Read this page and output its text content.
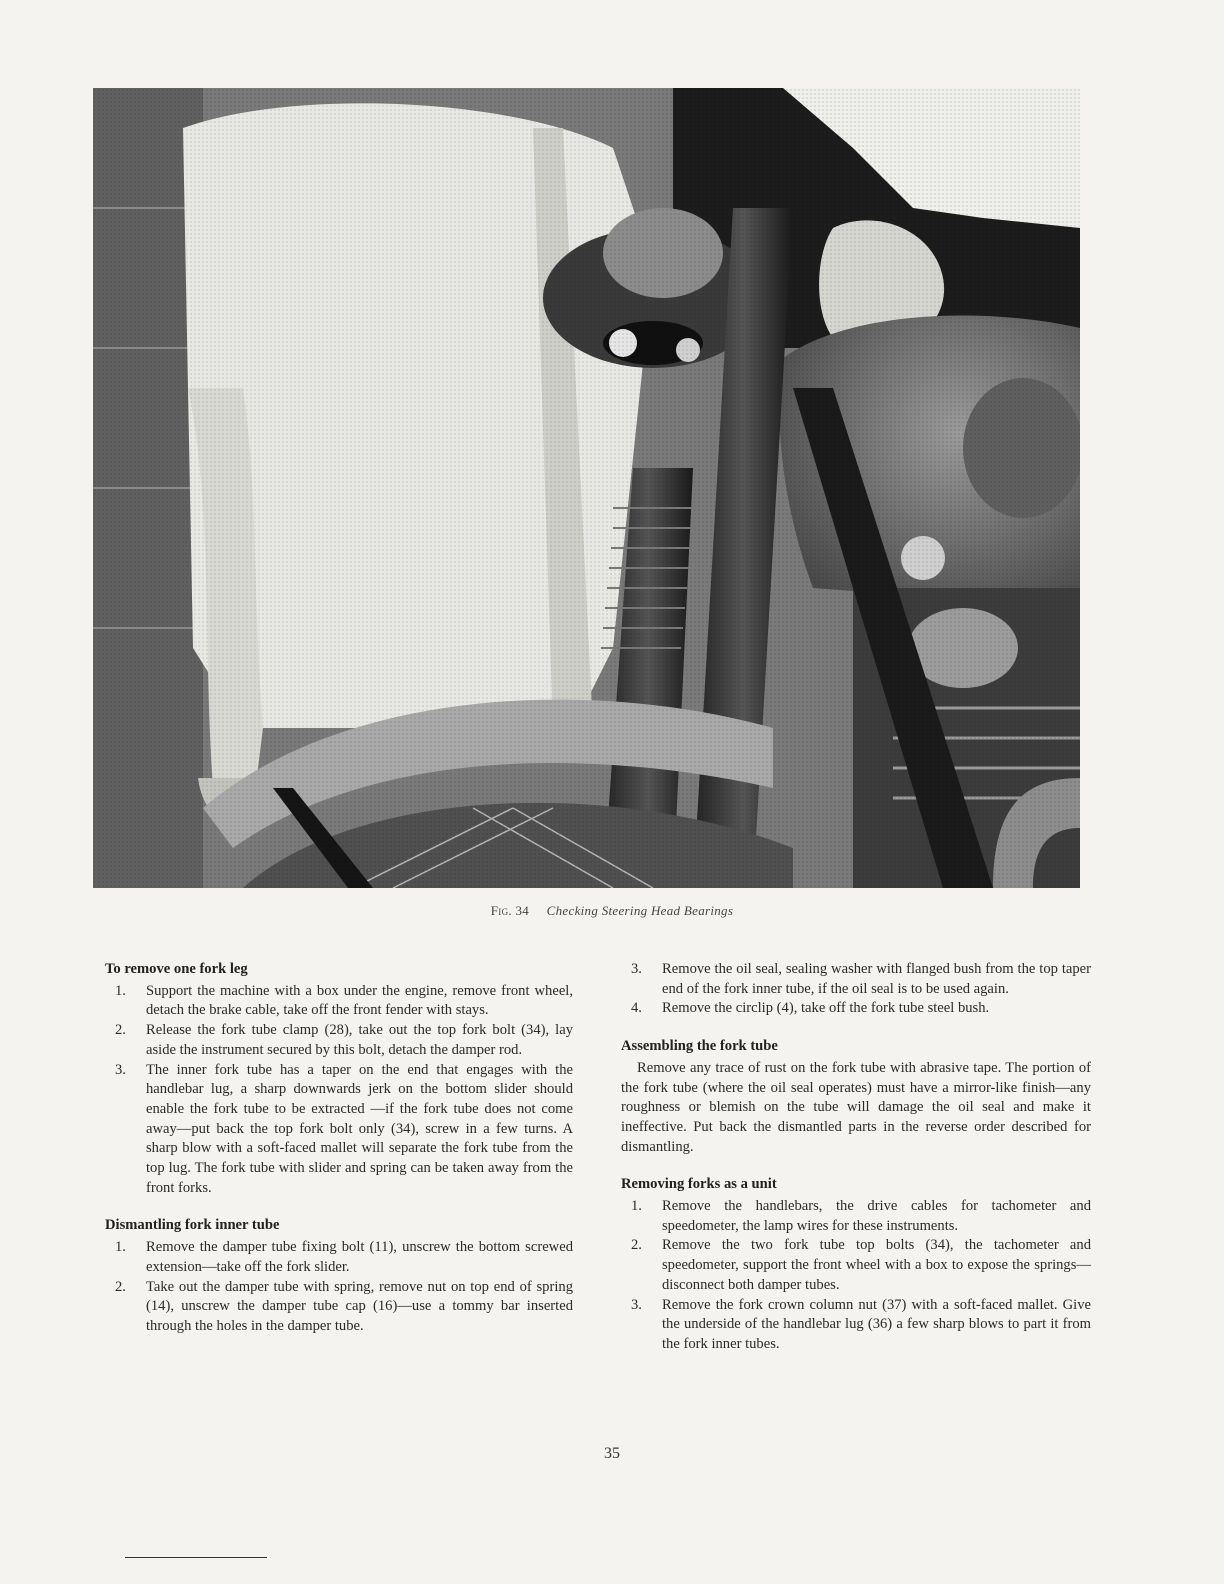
Fig. 34 Checking Steering Head Bearings
To remove one fork leg
1. Support the machine with a box under the engine, remove front wheel, detach the brake cable, take off the front fender with stays.
2. Release the fork tube clamp (28), take out the top fork bolt (34), lay aside the instrument secured by this bolt, detach the damper rod.
3. The inner fork tube has a taper on the end that engages with the handlebar lug, a sharp downwards jerk on the bottom slider should enable the fork tube to be extracted —if the fork tube does not come away—put back the top fork bolt only (34), screw in a few turns. A sharp blow with a soft-faced mallet will separate the fork tube from the top lug. The fork tube with slider and spring can be taken away from the front forks.
Dismantling fork inner tube
1. Remove the damper tube fixing bolt (11), unscrew the bottom screwed extension—take off the fork slider.
2. Take out the damper tube with spring, remove nut on top end of spring (14), unscrew the damper tube cap (16)—use a tommy bar inserted through the holes in the damper tube.
3. Remove the oil seal, sealing washer with flanged bush from the top taper end of the fork inner tube, if the oil seal is to be used again.
4. Remove the circlip (4), take off the fork tube steel bush.
Assembling the fork tube

Remove any trace of rust on the fork tube with abrasive tape. The portion of the fork tube (where the oil seal operates) must have a mirror-like finish—any roughness or blemish on the tube will damage the oil seal and make it ineffective. Put back the dismantled parts in the reverse order described for dismantling.

Removing forks as a unit
1. Remove the handlebars, the drive cables for tachometer and speedometer, the lamp wires for these instruments.
2. Remove the two fork tube top bolts (34), the tachometer and speedometer, support the front wheel with a box to expose the springs—disconnect both damper tubes.
3. Remove the fork crown column nut (37) with a soft-faced mallet. Give the underside of the handlebar lug (36) a few sharp blows to part it from the fork inner tubes.
35
